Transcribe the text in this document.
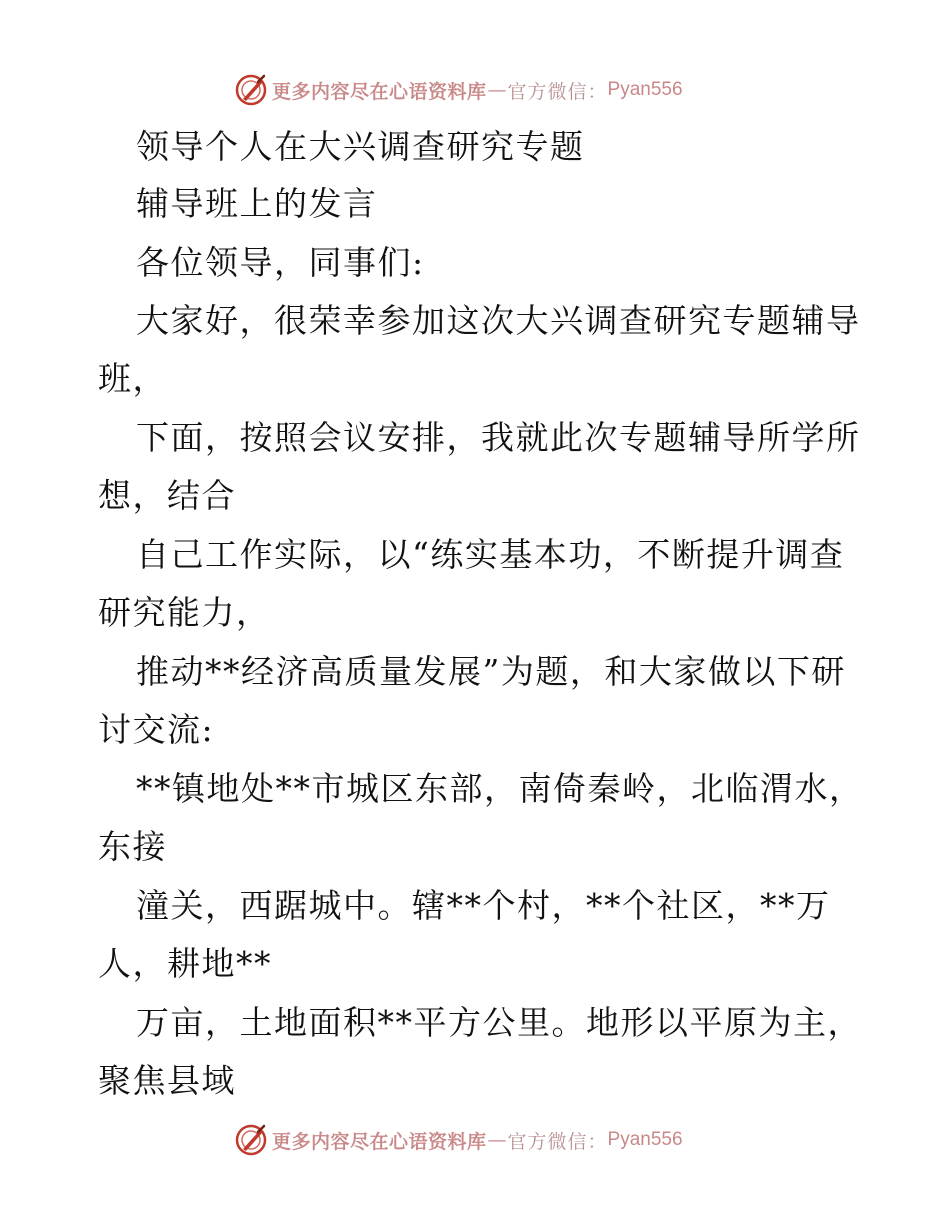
更多内容尽在心语资料库 — 官方微信： Pyan556
领导个人在大兴调查研究专题
辅导班上的发言
各位领导，同事们:
大家好，很荣幸参加这次大兴调查研究专题辅导
班，
下面，按照会议安排，我就此次专题辅导所学所
想，结合
自己工作实际，以“练实基本功，不断提升调查
研究能力，
推动**经济高质量发展”为题，和大家做以下研
讨交流:
**镇地处**市城区东部，南倚秦岭，北临渭水，
东接
潼关，西踞城中。辖**个村，**个社区，**万
人，耕地**
万亩，土地面积**平方公里。地形以平原为主，
聚焦县域
更多内容尽在心语资料库 — 官方微信： Pyan556
